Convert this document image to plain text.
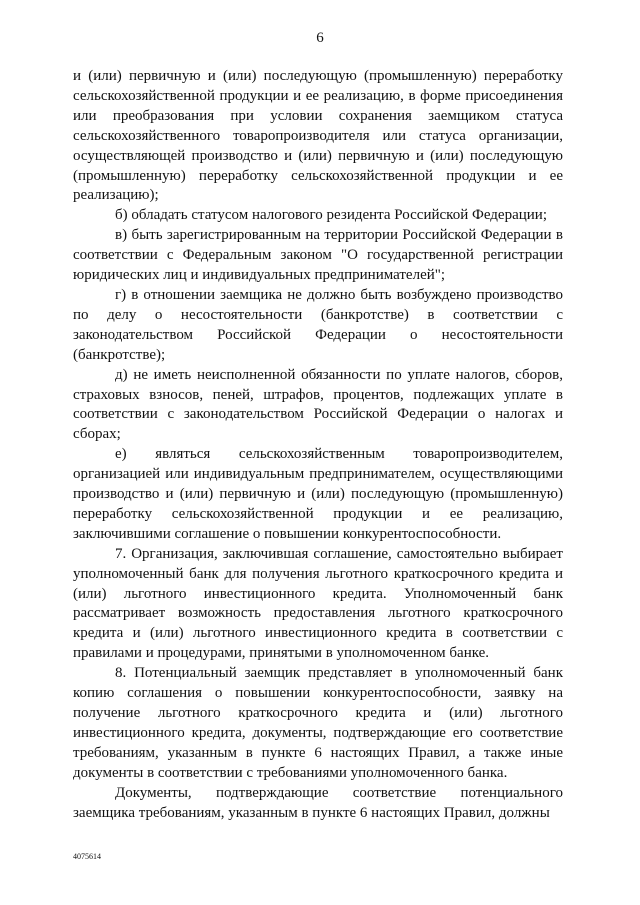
6

и (или) первичную и (или) последующую (промышленную) переработку сельскохозяйственной продукции и ее реализацию, в форме присоединения или преобразования при условии сохранения заемщиком статуса сельскохозяйственного товаропроизводителя или статуса организации, осуществляющей производство и (или) первичную и (или) последующую (промышленную) переработку сельскохозяйственной продукции и ее реализацию);

б) обладать статусом налогового резидента Российской Федерации;

в) быть зарегистрированным на территории Российской Федерации в соответствии с Федеральным законом "О государственной регистрации юридических лиц и индивидуальных предпринимателей";

г) в отношении заемщика не должно быть возбуждено производство по делу о несостоятельности (банкротстве) в соответствии с законодательством Российской Федерации о несостоятельности (банкротстве);

д) не иметь неисполненной обязанности по уплате налогов, сборов, страховых взносов, пеней, штрафов, процентов, подлежащих уплате в соответствии с законодательством Российской Федерации о налогах и сборах;

е) являться сельскохозяйственным товаропроизводителем, организацией или индивидуальным предпринимателем, осуществляющими производство и (или) первичную и (или) последующую (промышленную) переработку сельскохозяйственной продукции и ее реализацию, заключившими соглашение о повышении конкурентоспособности.

7. Организация, заключившая соглашение, самостоятельно выбирает уполномоченный банк для получения льготного краткосрочного кредита и (или) льготного инвестиционного кредита. Уполномоченный банк рассматривает возможность предоставления льготного краткосрочного кредита и (или) льготного инвестиционного кредита в соответствии с правилами и процедурами, принятыми в уполномоченном банке.

8. Потенциальный заемщик представляет в уполномоченный банк копию соглашения о повышении конкурентоспособности, заявку на получение льготного краткосрочного кредита и (или) льготного инвестиционного кредита, документы, подтверждающие его соответствие требованиям, указанным в пункте 6 настоящих Правил, а также иные документы в соответствии с требованиями уполномоченного банка.

Документы, подтверждающие соответствие потенциального заемщика требованиям, указанным в пункте 6 настоящих Правил, должны

4075614
